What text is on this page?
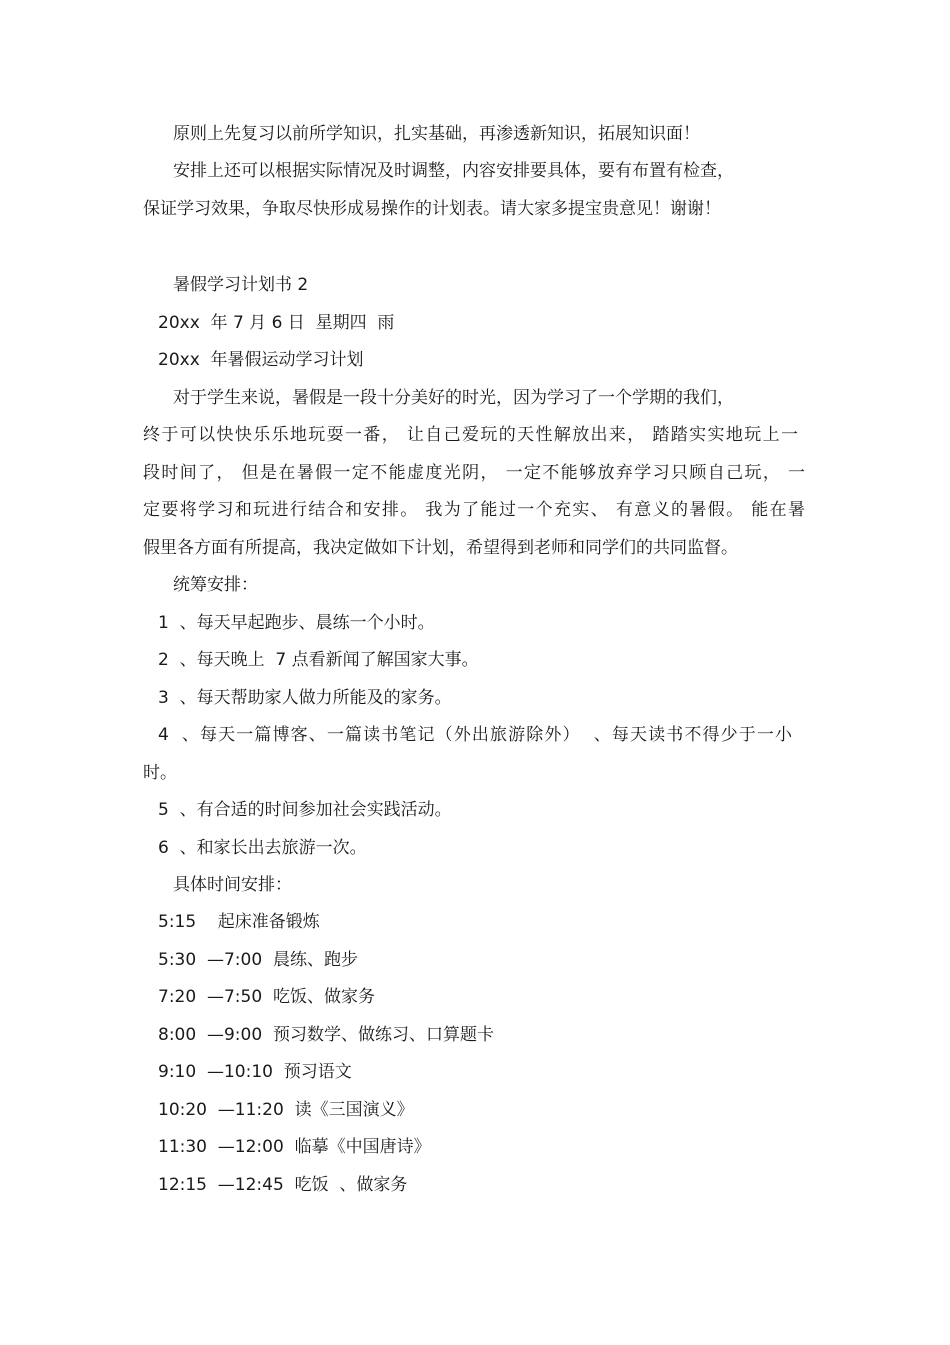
原则上先复习以前所学知识，扎实基础，再渗透新知识，拓展知识面！
安排上还可以根据实际情况及时调整，内容安排要具体，要有布置有检查，
保证学习效果，争取尽快形成易操作的计划表。请大家多提宝贵意见！谢谢！
暑假学习计划书 2
20xx  年 7 月 6 日  星期四  雨
20xx  年暑假运动学习计划
对于学生来说，暑假是一段十分美好的时光，因为学习了一个学期的我们，
终于可以快快乐乐地玩耍一番， 让自己爱玩的天性解放出来， 踏踏实实地玩上一
段时间了， 但是在暑假一定不能虚度光阴， 一定不能够放弃学习只顾自己玩， 一
定要将学习和玩进行结合和安排。 我为了能过一个充实、 有意义的暑假。 能在暑
假里各方面有所提高，我决定做如下计划，希望得到老师和同学们的共同监督。
统筹安排：
1  、每天早起跑步、晨练一个小时。
2  、每天晚上  7 点看新闻了解国家大事。
3  、每天帮助家人做力所能及的家务。
4  、每天一篇博客、一篇读书笔记（外出旅游除外）  、每天读书不得少于一小
时。
5  、有合适的时间参加社会实践活动。
6  、和家长出去旅游一次。
具体时间安排：
5:15    起床准备锻炼
5:30  —7:00  晨练、跑步
7:20  —7:50  吃饭、做家务
8:00  —9:00  预习数学、做练习、口算题卡
9:10  —10:10  预习语文
10:20  —11:20  读《三国演义》
11:30  —12:00  临摹《中国唐诗》
12:15  —12:45  吃饭  、做家务
